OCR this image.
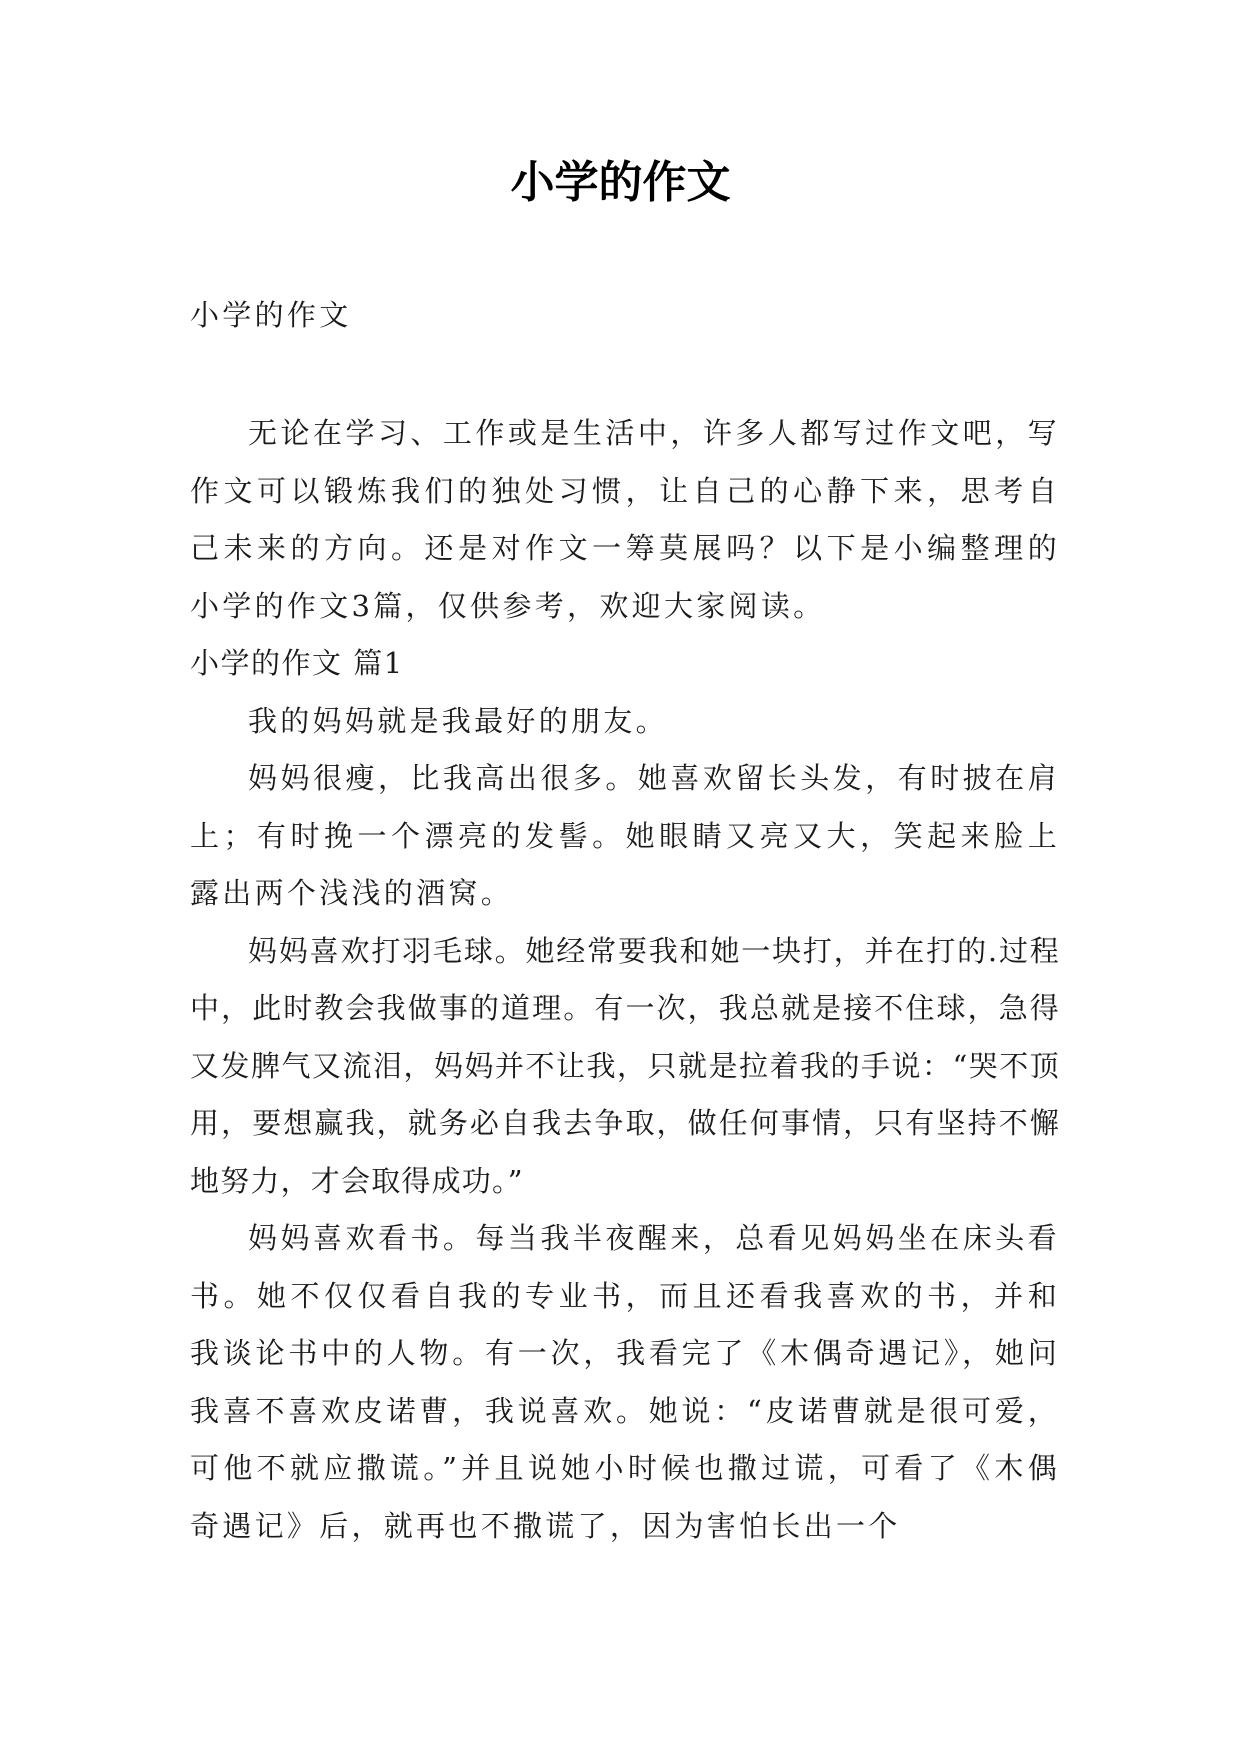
小学的作文
小学的作文

无论在学习、工作或是生活中，许多人都写过作文吧，写作文可以锻炼我们的独处习惯，让自己的心静下来，思考自己未来的方向。还是对作文一筹莫展吗？以下是小编整理的小学的作文3篇，仅供参考，欢迎大家阅读。

小学的作文 篇1

我的妈妈就是我最好的朋友。

妈妈很瘦，比我高出很多。她喜欢留长头发，有时披在肩上；有时挽一个漂亮的发髻。她眼睛又亮又大，笑起来脸上露出两个浅浅的酒窝。

妈妈喜欢打羽毛球。她经常要我和她一块打，并在打的.过程中，此时教会我做事的道理。有一次，我总就是接不住球，急得又发脾气又流泪，妈妈并不让我，只就是拉着我的手说：“哭不顶用，要想赢我，就务必自我去争取，做任何事情，只有坚持不懈地努力，才会取得成功。”

妈妈喜欢看书。每当我半夜醒来，总看见妈妈坐在床头看书。她不仅仅看自我的专业书，而且还看我喜欢的书，并和我谈论书中的人物。有一次，我看完了《木偶奇遇记》，她问我喜不喜欢皮诺曹，我说喜欢。她说：“皮诺曹就是很可爱，可他不就应撒谎。”并且说她小时候也撒过谎，可看了《木偶奇遇记》后，就再也不撒谎了，因为害怕长出一个
